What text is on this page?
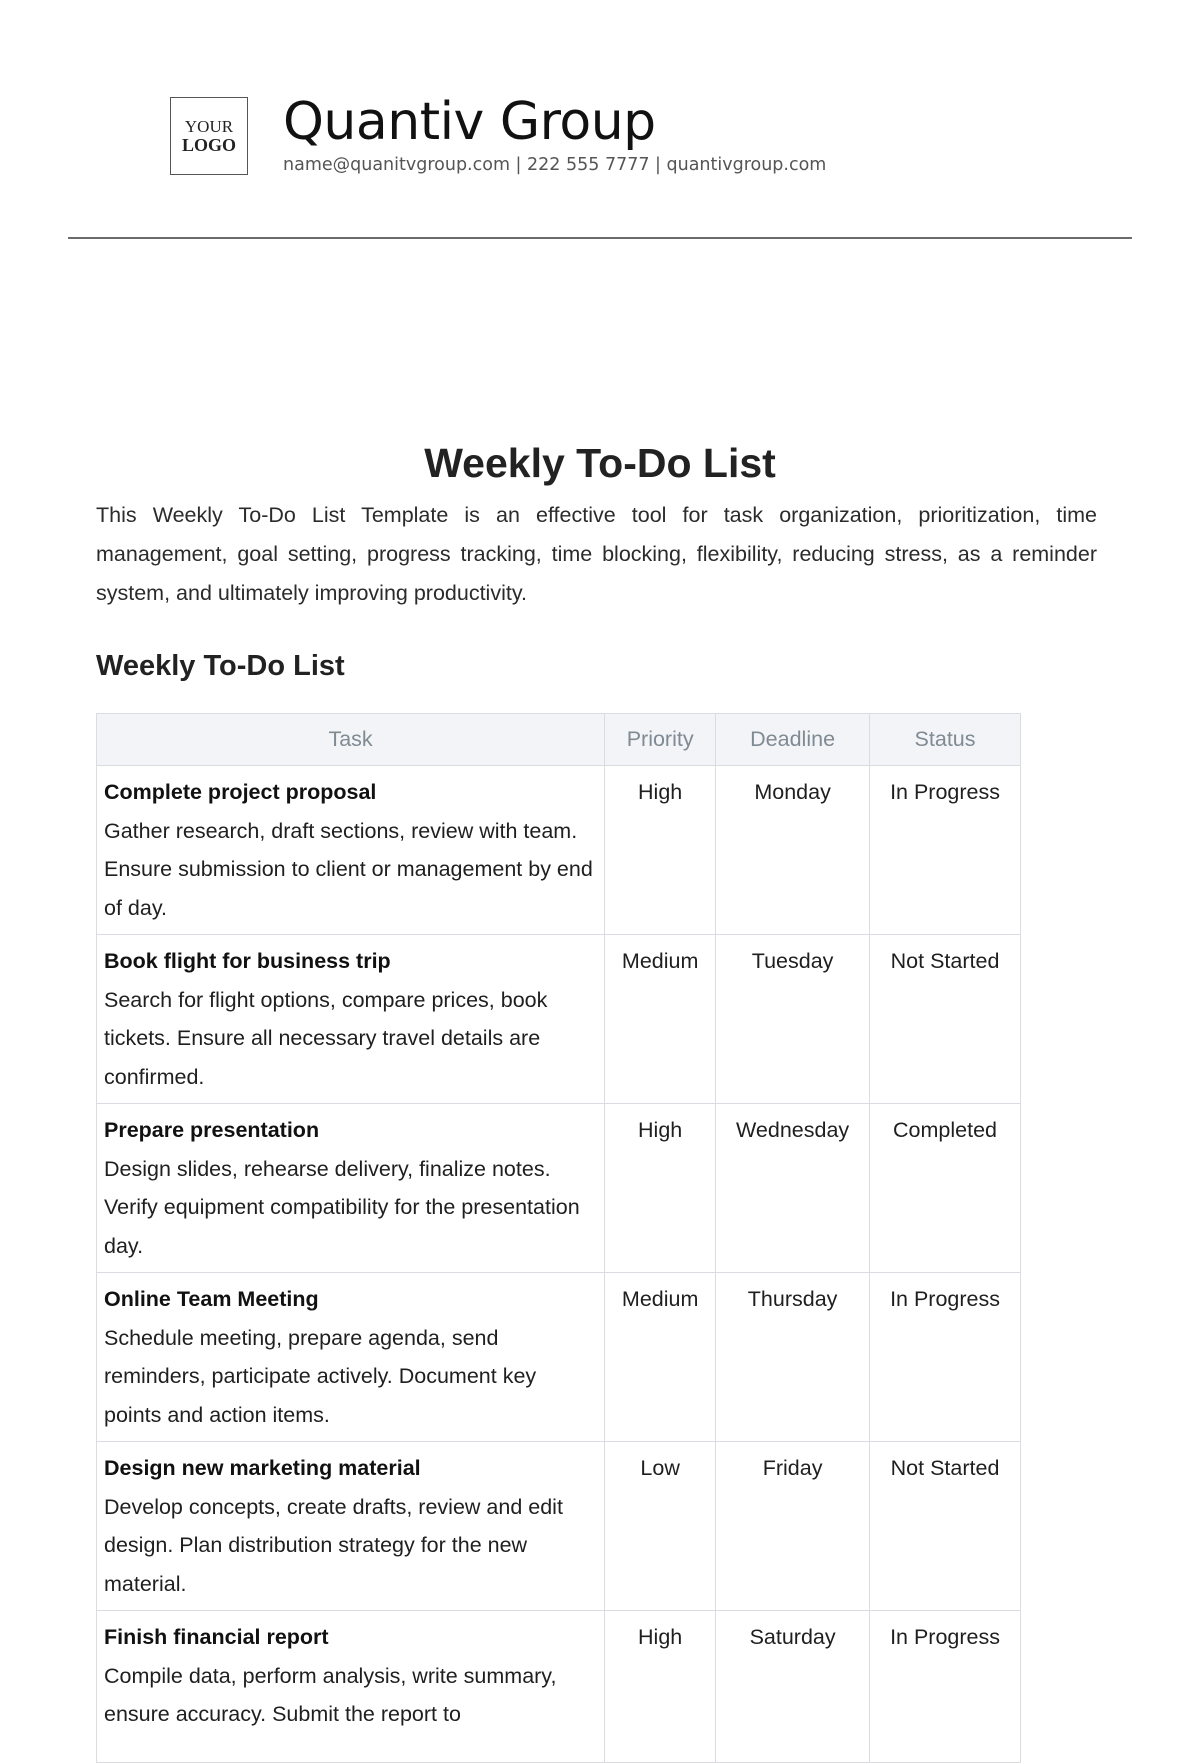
YOUR
LOGO Quantiv Group
name@quanitvgroup.com | 222 555 7777 | quantivgroup.com
Weekly To-Do List
This Weekly To-Do List Template is an effective tool for task organization, prioritization, time management, goal setting, progress tracking, time blocking, flexibility, reducing stress, as a reminder system, and ultimately improving productivity.
Weekly To-Do List
Task	Priority	Deadline	Status

Complete project proposal
Gather research, draft sections, review with team. Ensure submission to client or management by end of day.	High	Monday	In Progress

Book flight for business trip
Search for flight options, compare prices, book tickets. Ensure all necessary travel details are confirmed.	Medium	Tuesday	Not Started

Prepare presentation
Design slides, rehearse delivery, finalize notes. Verify equipment compatibility for the presentation day.	High	Wednesday	Completed

Online Team Meeting
Schedule meeting, prepare agenda, send reminders, participate actively. Document key points and action items.	Medium	Thursday	In Progress

Design new marketing material
Develop concepts, create drafts, review and edit design. Plan distribution strategy for the new material.	Low	Friday	Not Started

Finish financial report
Compile data, perform analysis, write summary, ensure accuracy. Submit the report to	High	Saturday	In Progress
